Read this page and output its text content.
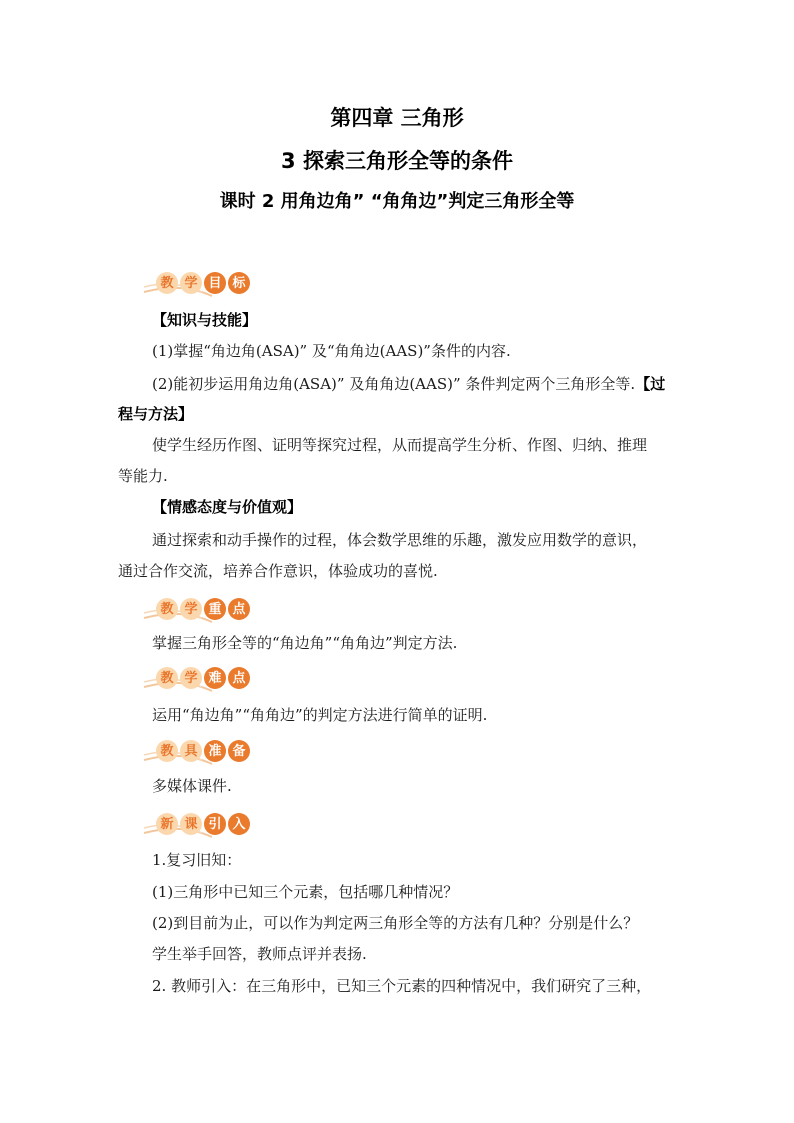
第四章 三角形
3 探索三角形全等的条件
课时 2 用角边角” “角角边”判定三角形全等
教 学 目 标
【知识与技能】
(1)掌握“角边角(ASA)” 及“角角边(AAS)”条件的内容.
(2)能初步运用角边角(ASA)” 及角角边(AAS)” 条件判定两个三角形全等.【过
程与方法】
使学生经历作图、证明等探究过程，从而提高学生分析、作图、归纳、推理
等能力.
【情感态度与价值观】
通过探索和动手操作的过程，体会数学思维的乐趣，激发应用数学的意识，
通过合作交流，培养合作意识，体验成功的喜悦.
教 学 重 点
掌握三角形全等的“角边角”“角角边”判定方法.
教 学 难 点
运用“角边角”“角角边”的判定方法进行简单的证明.
教 具 准 备
多媒体课件.
新 课 引 入
1.复习旧知：
(1)三角形中已知三个元素，包括哪几种情况？
(2)到目前为止，可以作为判定两三角形全等的方法有几种？分别是什么？
学生举手回答，教师点评并表扬.
2. 教师引入：在三角形中，已知三个元素的四种情况中，我们研究了三种，
